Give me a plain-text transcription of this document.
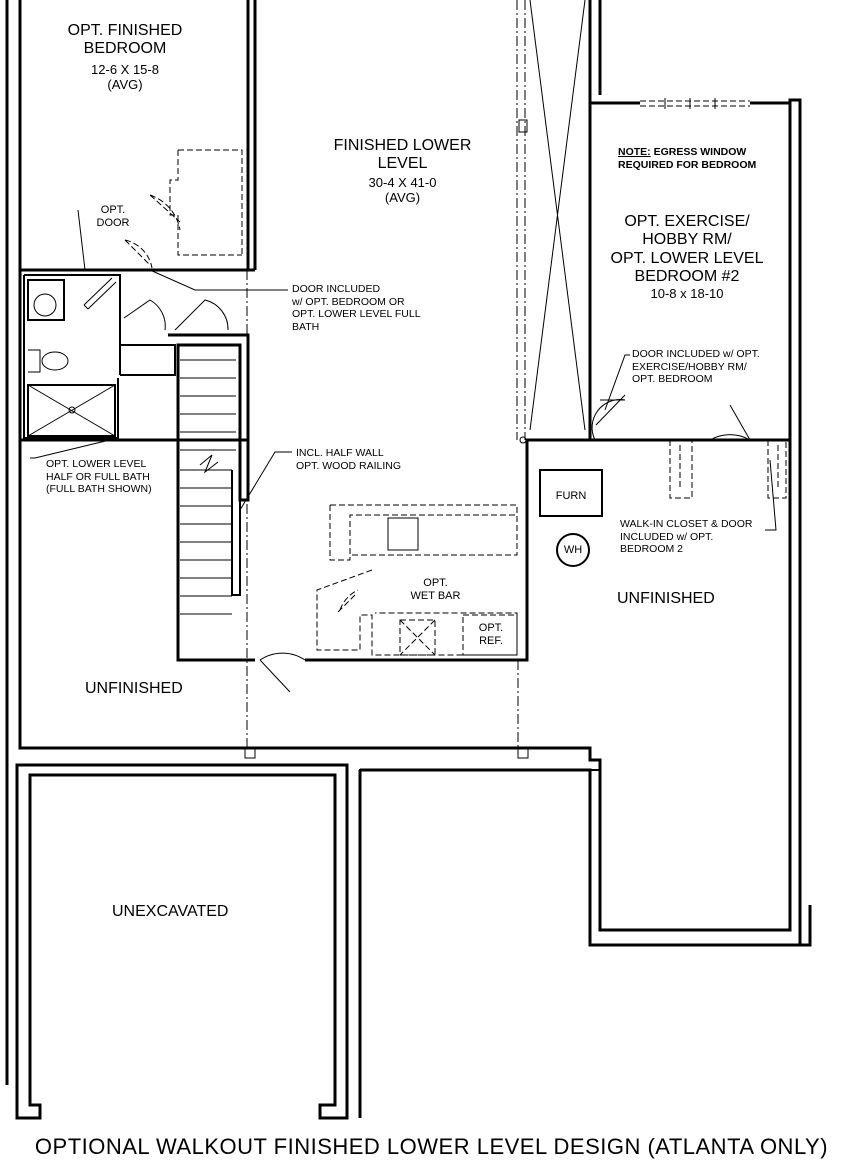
OPT. FINISHED
BEDROOM
12-6 X 15-8
(AVG)
FINISHED LOWER
LEVEL
30-4 X 41-0
(AVG)
OPT. EXERCISE/
HOBBY RM/
OPT. LOWER LEVEL
BEDROOM #2
10-8 x 18-10
UNFINISHED
UNFINISHED
UNEXCAVATED
FURN
WH
OPT.
WET BAR
OPT.
REF.
OPT.
DOOR
NOTE: EGRESS WINDOW
REQUIRED FOR BEDROOM
DOOR INCLUDED
w/ OPT. BEDROOM OR
OPT. LOWER LEVEL FULL
BATH
INCL. HALF WALL
OPT. WOOD RAILING
OPT. LOWER LEVEL
HALF OR FULL BATH
(FULL BATH SHOWN)
DOOR INCLUDED w/ OPT.
EXERCISE/HOBBY RM/
OPT. BEDROOM
WALK-IN CLOSET & DOOR
INCLUDED w/ OPT.
BEDROOM 2
OPTIONAL WALKOUT FINISHED LOWER LEVEL DESIGN (ATLANTA ONLY)
